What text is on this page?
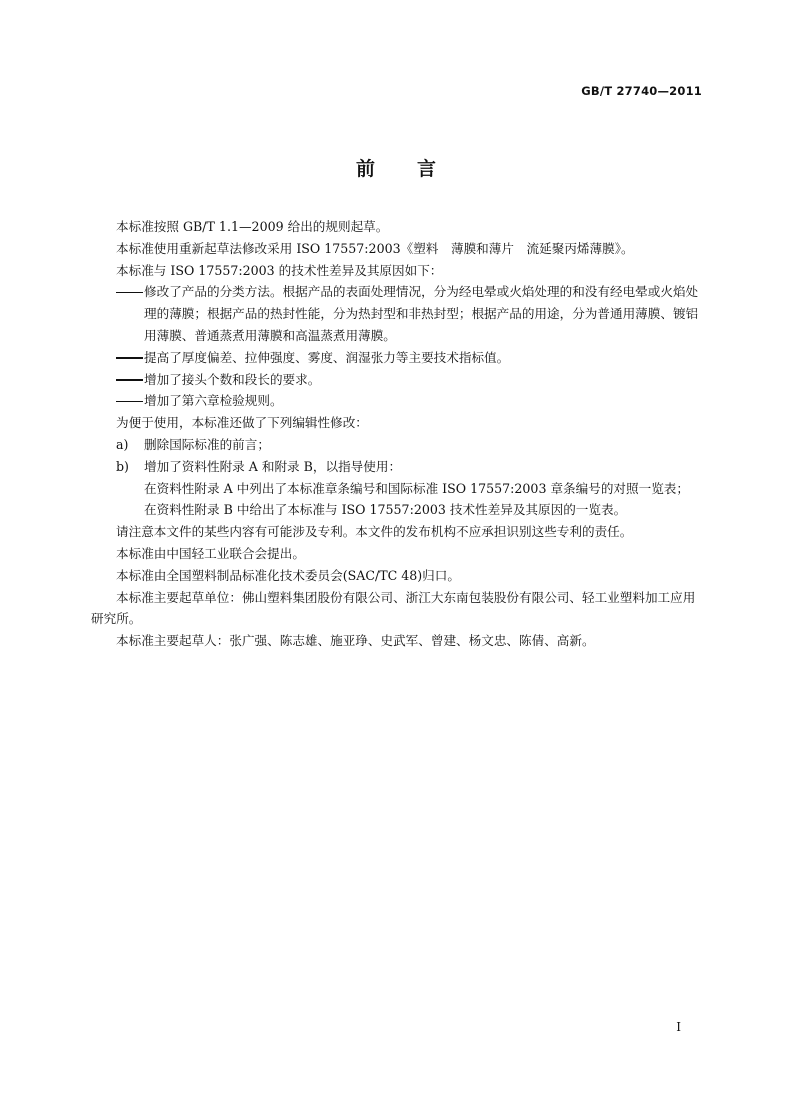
GB/T 27740—2011
前 言

本标准按照 GB/T 1.1—2009 给出的规则起草。

本标准使用重新起草法修改采用 ISO 17557:2003《塑料　薄膜和薄片　流延聚丙烯薄膜》。

本标准与 ISO 17557:2003 的技术性差异及其原因如下：

修改了产品的分类方法。根据产品的表面处理情况，分为经电晕或火焰处理的和没有经电晕或火焰处理的薄膜；根据产品的热封性能，分为热封型和非热封型；根据产品的用途，分为普通用薄膜、镀铝用薄膜、普通蒸煮用薄膜和高温蒸煮用薄膜。
提高了厚度偏差、拉伸强度、雾度、润湿张力等主要技术指标值。
增加了接头个数和段长的要求。
增加了第六章检验规则。

为便于使用，本标准还做了下列编辑性修改：

a) 删除国际标准的前言；
b) 增加了资料性附录 A 和附录 B，以指导使用：
在资料性附录 A 中列出了本标准章条编号和国际标准 ISO 17557:2003 章条编号的对照一览表；
在资料性附录 B 中给出了本标准与 ISO 17557:2003 技术性差异及其原因的一览表。

请注意本文件的某些内容有可能涉及专利。本文件的发布机构不应承担识别这些专利的责任。

本标准由中国轻工业联合会提出。

本标准由全国塑料制品标准化技术委员会(SAC/TC 48)归口。

本标准主要起草单位：佛山塑料集团股份有限公司、浙江大东南包装股份有限公司、轻工业塑料加工应用研究所。

本标准主要起草人：张广强、陈志雄、施亚琤、史武军、曾建、杨文忠、陈倩、高新。

I
